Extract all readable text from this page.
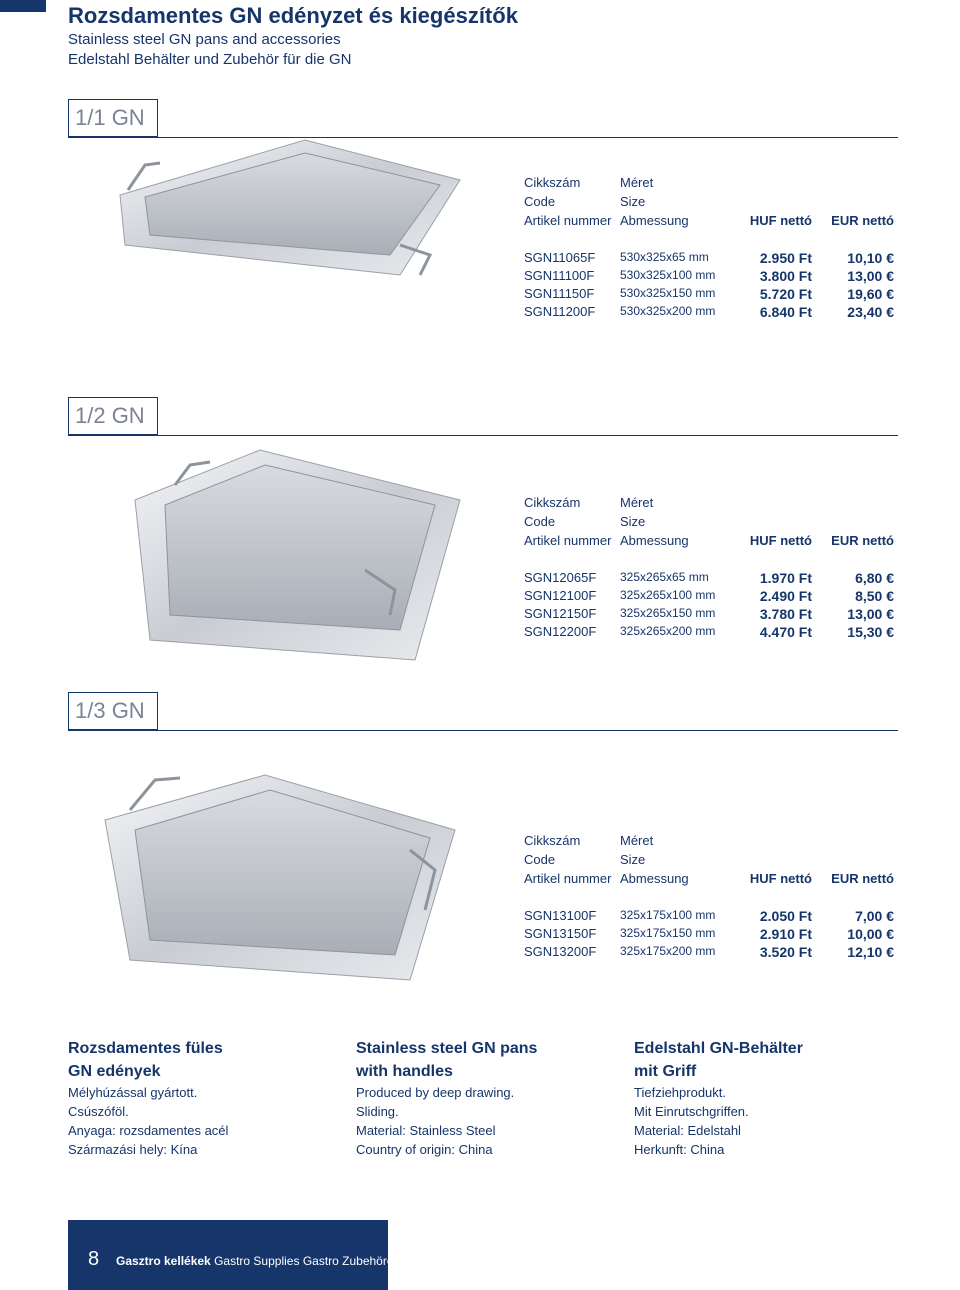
Rozsdamentes GN edényzet és kiegészítők
Stainless steel GN pans and accessories
Edelstahl Behälter und Zubehör für die GN
1/1 GN
Cikkszám	Méret
Code	Size
Artikel nummer Abmessung	HUF nettó EUR nettó
SGN11065F 530x325x65 mm	2.950 Ft	10,10 €
SGN11100F 530x325x100 mm	3.800 Ft	13,00 €
SGN11150F 530x325x150 mm	5.720 Ft	19,60 €
SGN11200F 530x325x200 mm	6.840 Ft	23,40 €
1/2 GN
Cikkszám	Méret
Code	Size
Artikel nummer Abmessung	HUF nettó EUR nettó
SGN12065F 325x265x65 mm	1.970 Ft	6,80 €
SGN12100F 325x265x100 mm	2.490 Ft	8,50 €
SGN12150F 325x265x150 mm	3.780 Ft	13,00 €
SGN12200F 325x265x200 mm	4.470 Ft	15,30 €
1/3 GN
Cikkszám	Méret
Code	Size
Artikel nummer Abmessung	HUF nettó EUR nettó
SGN13100F 325x175x100 mm	2.050 Ft	7,00 €
SGN13150F 325x175x150 mm	2.910 Ft	10,00 €
SGN13200F 325x175x200 mm	3.520 Ft	12,10 €
Rozsdamentes füles
GN edények
Mélyhúzással gyártott.
Csúszóföl.
Anyaga: rozsdamentes acél
Származási hely: Kína
Stainless steel GN pans
with handles
Produced by deep drawing.
Sliding.
Material: Stainless Steel
Country of origin: China
Edelstahl GN-Behälter
mit Griff
Tiefziehprodukt.
Mit Einrutschgriffen.
Material: Edelstahl
Herkunft: China
8 Gasztro kellékek Gastro Supplies Gastro Zubehöre
